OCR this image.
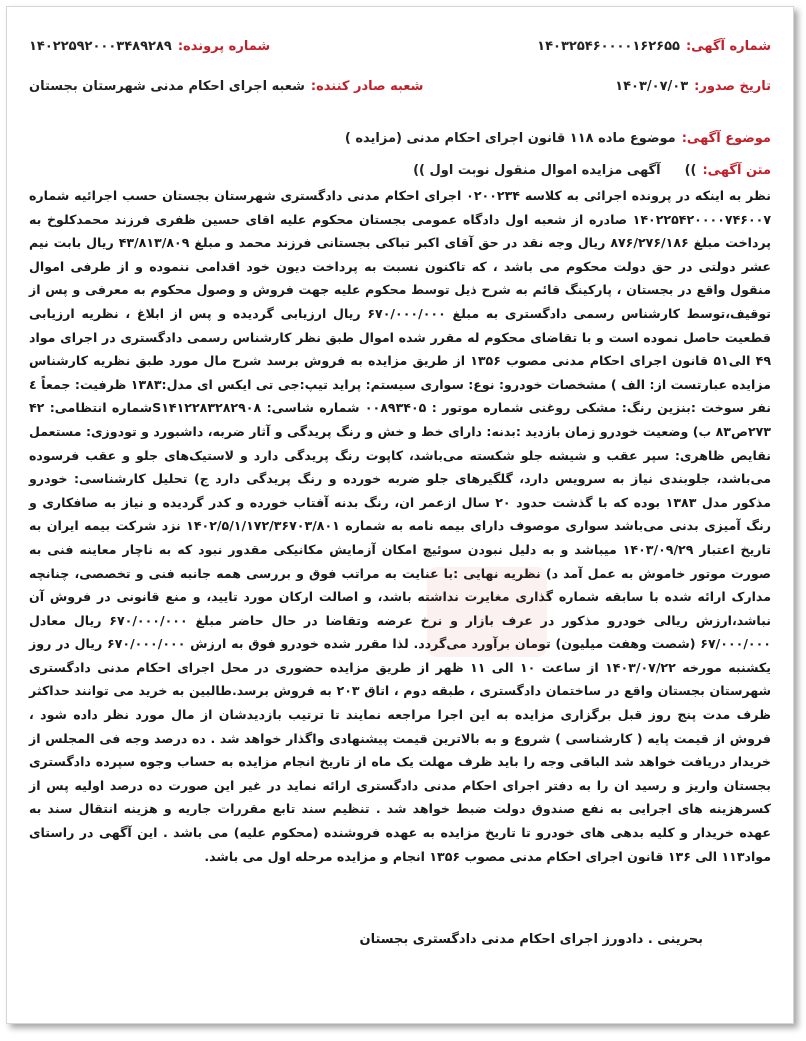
شماره آگهی:
۱۴۰۳۲۵۴۶۰۰۰۰۱۶۲۶۵۵
شماره پرونده:
۱۴۰۲۲۵۹۲۰۰۰۳۴۸۹۲۸۹
تاریخ صدور:
۱۴۰۳/۰۷/۰۳
شعبه صادر کننده:
شعبه اجرای احکام مدنی شهرستان بجستان
موضوع آگهی:
موضوع ماده ۱۱۸ قانون اجرای احکام مدنی (مزایده )
متن آگهی:
))
آگهی مزایده اموال منقول نوبت اول ))
نظر به اینکه در پرونده اجرائی به کلاسه ۰۲۰۰۲۳۴ اجرای احکام مدنی دادگستری شهرستان بجستان حسب اجرائیه شماره ۱۴۰۲۲۵۴۲۰۰۰۰۷۴۶۰۰۷ صادره از شعبه اول دادگاه عمومی بجستان محکوم علیه اقای حسین ظفری فرزند محمدکلوخ به پرداخت مبلغ ۸۷۶/۲۷۶/۱۸۶ ریال وجه نقد در حق آقای اکبر تباکی بجستانی فرزند محمد و مبلغ ۴۳/۸۱۳/۸۰۹ ریال بابت نیم عشر دولتی در حق دولت محکوم می باشد ، که تاکنون نسبت به پرداخت دیون خود اقدامی ننموده و از طرفی اموال منقول واقع در بجستان ، پارکینگ قائم به شرح ذیل توسط محکوم علیه جهت فروش و وصول محکوم به معرفی و پس از توقیف،توسط کارشناس رسمی دادگستری به مبلغ ۶۷۰/۰۰۰/۰۰۰ ریال ارزیابی گردیده و پس از ابلاغ ، نظریه ارزیابی قطعیت حاصل نموده است و با تقاضای محکوم له مقرر شده اموال طبق نظر کارشناس رسمی دادگستری در اجرای مواد ۴۹ الی۵۱ قانون اجرای احکام مدنی مصوب ۱۳۵۶ از طریق مزایده به فروش برسد شرح مال مورد طبق نظریه کارشناس مزایده عبارتست از: الف ) مشخصات خودرو: نوع: سواری سیستم: پراید تیپ:جی تی ایکس ای مدل:۱۳۸۳ ظرفیت: جمعاً ٤ نفر سوخت :بنزین رنگ: مشکی روغنی شماره موتور : ۰۰۸۹۳۴۰۵ شماره شاسی: S۱۴۱۲۲۸۳۲۸۲۹۰۸شماره انتظامی: ۴۲ ۲۷۳ص۸۳ ب) وضعیت خودرو زمان بازدید :بدنه: دارای خط و خش و رنگ پریدگی و آثار ضربه، داشبورد و تودوزی: مستعمل نقایص ظاهری: سپر عقب و شیشه جلو شکسته می‌باشد، کاپوت رنگ پریدگی دارد و لاستیک‌های جلو و عقب فرسوده می‌باشد، جلوبندی نیاز به سرویس دارد، گلگیرهای جلو ضربه خورده و رنگ پریدگی دارد ج) تحلیل کارشناسی: خودرو مذکور مدل ۱۳۸۳ بوده که با گذشت حدود ۲۰ سال ازعمر ان، رنگ بدنه آفتاب خورده و کدر گردیده و نیاز به صافکاری و رنگ آمیزی بدنی می‌باشد سواری موصوف دارای بیمه نامه به شماره ۱۴۰۲/۵/۱/۱۷۲/۳۶۷۰۳/۸۰۱ نزد شرکت بیمه ایران به تاریخ اعتبار ۱۴۰۳/۰۹/۲۹ میباشد و به دلیل نبودن سوئیچ امکان آزمایش مکانیکی مقدور نبود که به ناچار معاینه فنی به صورت موتور خاموش به عمل آمد د) نظریه نهایی :با عنایت به مراتب فوق و بررسی همه جانبه فنی و تخصصی، چنانچه مدارک ارائه شده با سابقه شماره گذاری مغایرت نداشته باشد، و اصالت ارکان مورد تایید، و منع قانونی در فروش آن نباشد،ارزش ریالی خودرو مذکور در عرف بازار و نرخ عرضه وتقاضا در حال حاضر مبلغ ۶۷۰/۰۰۰/۰۰۰ ریال معادل ۶۷/۰۰۰/۰۰۰ (شصت وهفت میلیون) تومان برآورد می‌گردد. لذا مقرر شده خودرو فوق به ارزش ۶۷۰/۰۰۰/۰۰۰ ریال در روز یکشنبه مورخه ۱۴۰۳/۰۷/۲۲ از ساعت ۱۰ الی ۱۱ ظهر از طریق مزایده حضوری در محل اجرای احکام مدنی دادگستری شهرستان بجستان واقع در ساختمان دادگستری ، طبقه دوم ، اتاق ۲۰۳ به فروش برسد.طالبین به خرید می توانند حداکثر ظرف مدت پنج روز قبل برگزاری مزایده به این اجرا مراجعه نمایند تا ترتیب بازدیدشان از مال مورد نظر داده شود ، فروش از قیمت پایه ( کارشناسی ) شروع و به بالاترین قیمت پیشنهادی واگذار خواهد شد . ده درصد وجه فی المجلس از خریدار دریافت خواهد شد الباقی وجه را باید ظرف مهلت یک ماه از تاریخ انجام مزایده به حساب وجوه سپرده دادگستری بجستان واریز و رسید ان را به دفتر اجرای احکام مدنی دادگستری ارائه نماید در غیر این صورت ده درصد اولیه پس از کسرهزینه های اجرایی به نفع صندوق دولت ضبط خواهد شد . تنظیم سند تابع مقررات جاریه و هزینه انتقال سند به عهده خریدار و کلیه بدهی های خودرو تا تاریخ مزایده به عهده فروشنده (محکوم علیه) می باشد . این آگهی در راستای مواد۱۱۳ الی ۱۳۶ قانون اجرای احکام مدنی مصوب ۱۳۵۶ انجام و مزایده مرحله اول می باشد.
بحرینی . دادورز اجرای احکام مدنی دادگستری بجستان
